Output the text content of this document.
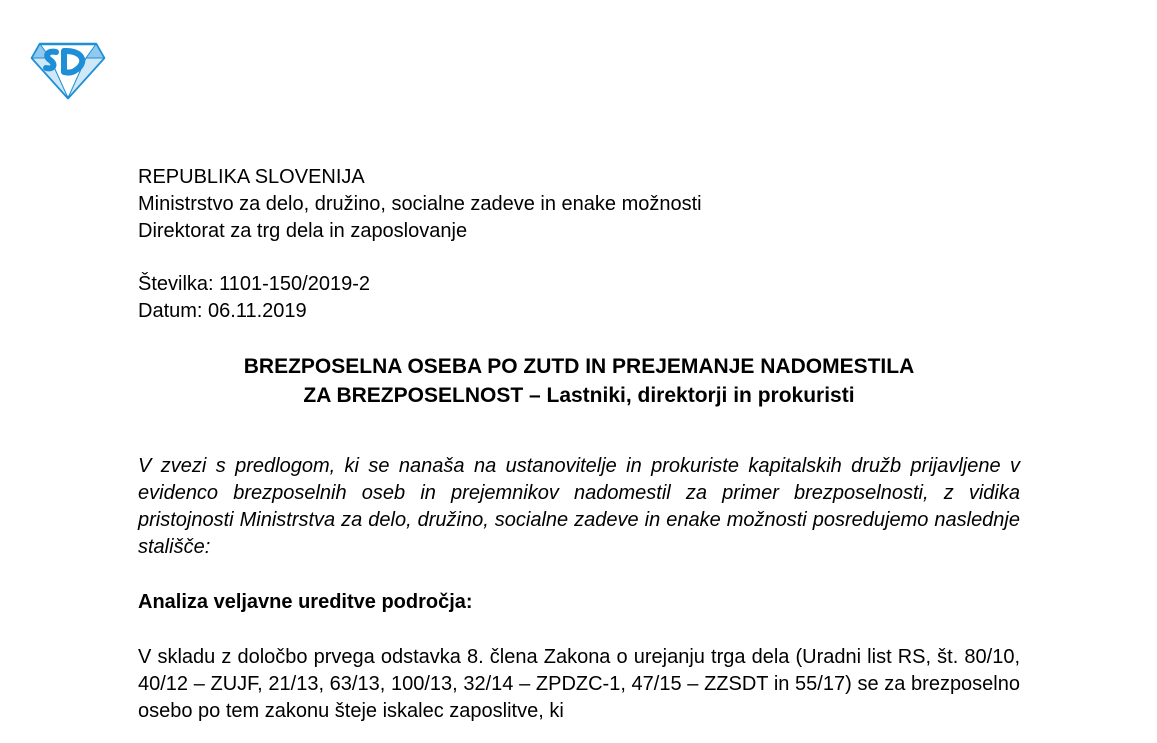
REPUBLIKA SLOVENIJA

Ministrstvo za delo, družino, socialne zadeve in enake možnosti

Direktorat za trg dela in zaposlovanje

Številka: 1101-150/2019-2

Datum: 06.11.2019

BREZPOSELNA OSEBA PO ZUTD IN PREJEMANJE NADOMESTILA
ZA BREZPOSELNOST – Lastniki, direktorji in prokuristi
V zvezi s predlogom, ki se nanaša na ustanovitelje in prokuriste kapitalskih družb prijavljene v evidenco brezposelnih oseb in prejemnikov nadomestil za primer brezposelnosti, z vidika pristojnosti Ministrstva za delo, družino, socialne zadeve in enake možnosti posredujemo naslednje stališče:
Analiza veljavne ureditve področja:
V skladu z določbo prvega odstavka 8. člena Zakona o urejanju trga dela (Uradni list RS, št. 80/10, 40/12 – ZUJF, 21/13, 63/13, 100/13, 32/14 – ZPDZC-1, 47/15 – ZZSDT in 55/17) se za brezposelno osebo po tem zakonu šteje iskalec zaposlitve, ki
